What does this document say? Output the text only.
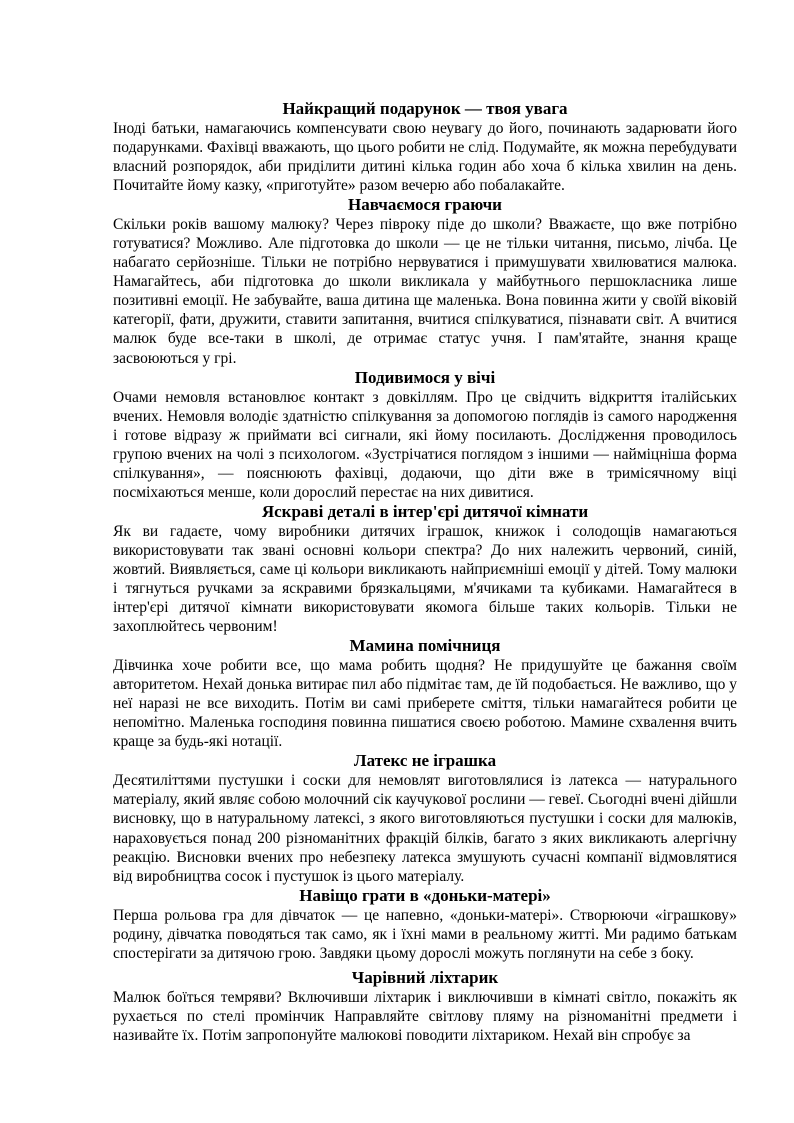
Найкращий подарунок — твоя увага

Іноді батьки, намагаючись компенсувати свою неувагу до його, починають задарювати його подарунками. Фахівці вважають, що цього робити не слід. Подумайте, як можна перебудувати власний розпорядок, аби приділити дитині кілька годин або хоча б кілька хвилин на день. Почитайте йому казку, «приготуйте» разом вечерю або побалакайте.

Навчаємося граючи

Скільки років вашому малюку? Через півроку піде до школи? Вважаєте, що вже потрібно готуватися? Можливо. Але підготовка до школи — це не тільки читання, письмо, лічба. Це набагато серйозніше. Тільки не потрібно нервуватися і примушувати хвилюватися малюка. Намагайтесь, аби підготовка до школи викликала у майбутнього першокласника лише позитивні емоції. Не забувайте, ваша дитина ще маленька. Вона повинна жити у своїй віковій категорії, фати, дружити, ставити запитання, вчитися спілкуватися, пізнавати світ. А вчитися малюк буде все-таки в школі, де отримає статус учня. І пам'ятайте, знання краще засвоюються у грі.

Подивимося у вічі

Очами немовля встановлює контакт з довкіллям. Про це свідчить відкриття італійських вчених. Немовля володіє здатністю спілкування за допомогою поглядів із самого народження і готове відразу ж приймати всі сигнали, які йому посилають. Дослідження проводилось групою вчених на чолі з психологом. «Зустрічатися поглядом з іншими — найміцніша форма спілкування», — пояснюють фахівці, додаючи, що діти вже в тримісячному віці посміхаються менше, коли дорослий перестає на них дивитися.

Яскраві деталі в інтер'єрі дитячої кімнати

Як ви гадаєте, чому виробники дитячих іграшок, книжок і солодощів намагаються використовувати так звані основні кольори спектра? До них належить червоний, синій, жовтий. Виявляється, саме ці кольори викликають найприємніші емоції у дітей. Тому малюки і тягнуться ручками за яскравими брязкальцями, м'ячиками та кубиками. Намагайтеся в інтер'єрі дитячої кімнати використовувати якомога більше таких кольорів. Тільки не захоплюйтесь червоним!

Мамина помічниця

Дівчинка хоче робити все, що мама робить щодня? Не придушуйте це бажання своїм авторитетом. Нехай донька витирає пил або підмітає там, де їй подобається. Не важливо, що у неї наразі не все виходить. Потім ви самі приберете сміття, тільки намагайтеся робити це непомітно. Маленька господиня повинна пишатися своєю роботою. Мамине схвалення вчить краще за будь-які нотації.

Латекс не іграшка

Десятиліттями пустушки і соски для немовлят виготовлялися із латекса — натурального матеріалу, який являє собою молочний сік каучукової рослини — гевеї. Сьогодні вчені дійшли висновку, що в натуральному латексі, з якого виготовляються пустушки і соски для малюків, нараховується понад 200 різноманітних фракцій білків, багато з яких викликають алергічну реакцію. Висновки вчених про небезпеку латекса змушують сучасні компанії відмовлятися від виробництва сосок і пустушок із цього матеріалу.

Навіщо грати в «доньки-матері»

Перша рольова гра для дівчаток — це напевно, «доньки-матері». Створюючи «іграшкову» родину, дівчатка поводяться так само, як і їхні мами в реальному житті. Ми радимо батькам спостерігати за дитячою грою. Завдяки цьому дорослі можуть поглянути на себе з боку.

Чарівний ліхтарик

Малюк боїться темряви? Включивши ліхтарик і виключивши в кімнаті світло, покажіть як рухається по стелі промінчик Направляйте світлову пляму на різноманітні предмети і називайте їх. Потім запропонуйте малюкові поводити ліхтариком. Нехай він спробує за
